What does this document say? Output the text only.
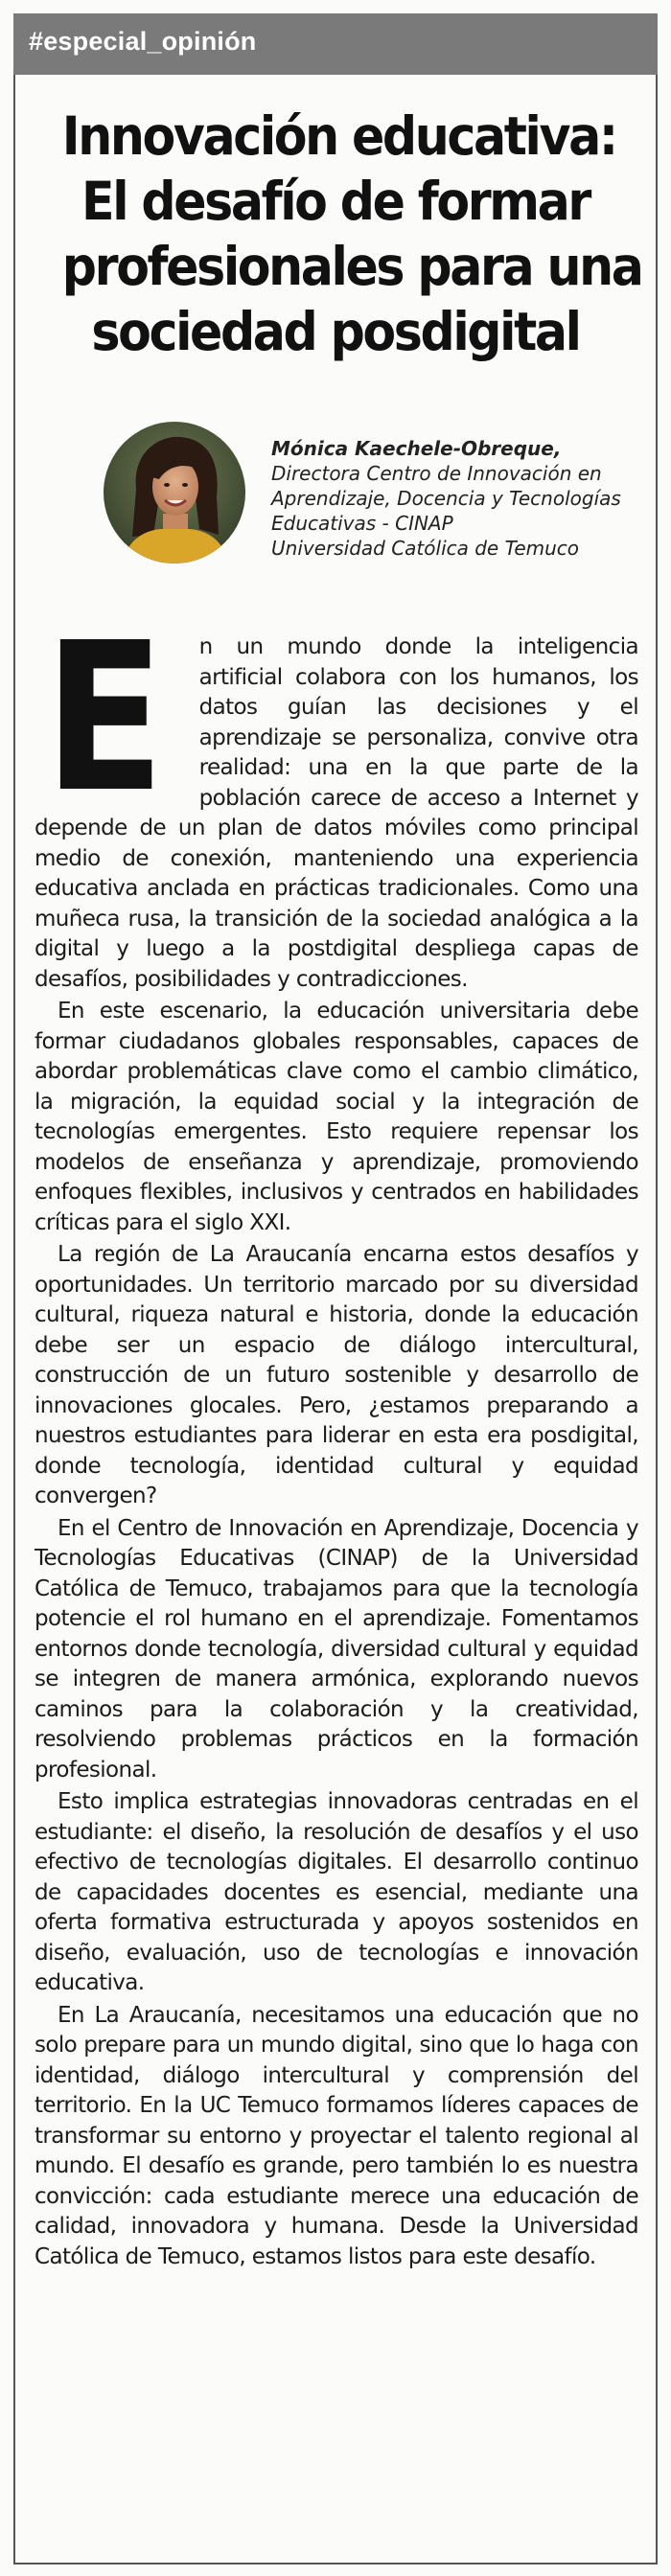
#especial_opinión
Innovación educativa:
El desafío de formar
profesionales para una
sociedad posdigital
Mónica Kaechele-Obreque,
Directora Centro de Innovación en
Aprendizaje, Docencia y Tecnologías
Educativas - CINAP
Universidad Católica de Temuco

E n un mundo donde la inteligencia artificial colabora con los humanos, los datos guían las decisiones y el aprendizaje se personaliza, convive otra realidad: una en la que parte de la población carece de acceso a Internet y depende de un plan de datos móviles como principal medio de conexión, manteniendo una experiencia educativa anclada en prácticas tradicionales. Como una muñeca rusa, la transición de la sociedad analógica a la digital y luego a la postdigital despliega capas de desafíos, posibilidades y contradicciones.

En este escenario, la educación universitaria debe formar ciudadanos globales responsables, capaces de abordar problemáticas clave como el cambio climático, la migración, la equidad social y la integración de tecnologías emergentes. Esto requiere repensar los modelos de enseñanza y aprendizaje, promoviendo enfoques flexibles, inclusivos y centrados en habilidades críticas para el siglo XXI.

La región de La Araucanía encarna estos desafíos y oportunidades. Un territorio marcado por su diversidad cultural, riqueza natural e historia, donde la educación debe ser un espacio de diálogo intercultural, construcción de un futuro sostenible y desarrollo de innovaciones glocales. Pero, ¿estamos preparando a nuestros estudiantes para liderar en esta era posdigital, donde tecnología, identidad cultural y equidad convergen?

En el Centro de Innovación en Aprendizaje, Docencia y Tecnologías Educativas (CINAP) de la Universidad Católica de Temuco, trabajamos para que la tecnología potencie el rol humano en el aprendizaje. Fomentamos entornos donde tecnología, diversidad cultural y equidad se integren de manera armónica, explorando nuevos caminos para la colaboración y la creatividad, resolviendo problemas prácticos en la formación profesional.

Esto implica estrategias innovadoras centradas en el estudiante: el diseño, la resolución de desafíos y el uso efectivo de tecnologías digitales. El desarrollo continuo de capacidades docentes es esencial, mediante una oferta formativa estructurada y apoyos sostenidos en diseño, evaluación, uso de tecnologías e innovación educativa.

En La Araucanía, necesitamos una educación que no solo prepare para un mundo digital, sino que lo haga con identidad, diálogo intercultural y comprensión del territorio. En la UC Temuco formamos líderes capaces de transformar su entorno y proyectar el talento regional al mundo. El desafío es grande, pero también lo es nuestra convicción: cada estudiante merece una educación de calidad, innovadora y humana. Desde la Universidad Católica de Temuco, estamos listos para este desafío.
